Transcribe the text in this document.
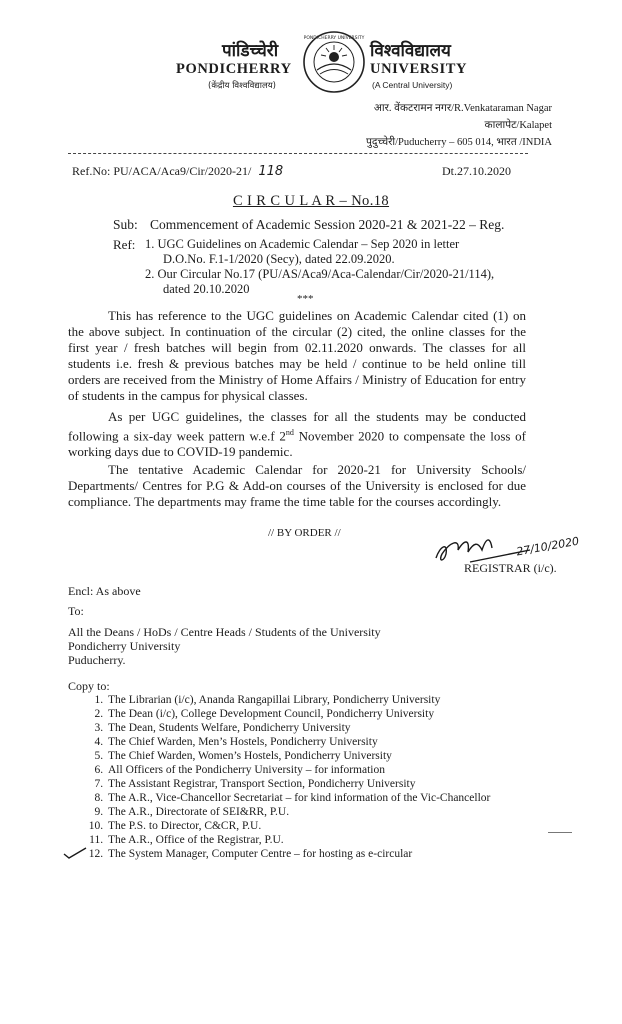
पांडिच्चेरी
PONDICHERRY
(केंद्रीय विश्वविद्यालय)
PONDICHERRY UNIVERSITY
विश्वविद्यालय
UNIVERSITY
(A Central University)
आर. वेंकटरामन नगर/R.Venkataraman Nagar
कालापेट/Kalapet
पुदुच्चेरी/Puducherry – 605 014, भारत /INDIA
Ref.No: PU/ACA/Aca9/Cir/2020-21/ 118	Dt.27.10.2020
C I R C U L A R – No.18
Sub: Commencement of Academic Session 2020-21 & 2021-22 – Reg.
Ref: 1. UGC Guidelines on Academic Calendar – Sep 2020 in letter
D.O.No. F.1-1/2020 (Secy), dated 22.09.2020.
2. Our Circular No.17 (PU/AS/Aca9/Aca-Calendar/Cir/2020-21/114),
dated 20.10.2020
***

This has reference to the UGC guidelines on Academic Calendar cited (1) on the above subject. In continuation of the circular (2) cited, the online classes for the first year / fresh batches will begin from 02.11.2020 onwards. The classes for all students i.e. fresh & previous batches may be held / continue to be held online till orders are received from the Ministry of Home Affairs / Ministry of Education for entry of students in the campus for physical classes.

As per UGC guidelines, the classes for all the students may be conducted following a six-day week pattern w.e.f 2nd November 2020 to compensate the loss of working days due to COVID-19 pandemic.

The tentative Academic Calendar for 2020-21 for University Schools/ Departments/ Centres for P.G & Add-on courses of the University is enclosed for due compliance. The departments may frame the time table for the courses accordingly.

// BY ORDER //
27/10/2020
REGISTRAR (i/c).
Encl: As above
To:
All the Deans / HoDs / Centre Heads / Students of the University
Pondicherry University
Puducherry.
Copy to:
1. The Librarian (i/c), Ananda Rangapillai Library, Pondicherry University
2. The Dean (i/c), College Development Council, Pondicherry University
3. The Dean, Students Welfare, Pondicherry University
4. The Chief Warden, Men’s Hostels, Pondicherry University
5. The Chief Warden, Women’s Hostels, Pondicherry University
6. All Officers of the Pondicherry University – for information
7. The Assistant Registrar, Transport Section, Pondicherry University
8. The A.R., Vice-Chancellor Secretariat – for kind information of the Vic-Chancellor
9. The A.R., Directorate of SEI&RR, P.U.
10. The P.S. to Director, C&CR, P.U.
11. The A.R., Office of the Registrar, P.U.
12. The System Manager, Computer Centre – for hosting as e-circular
